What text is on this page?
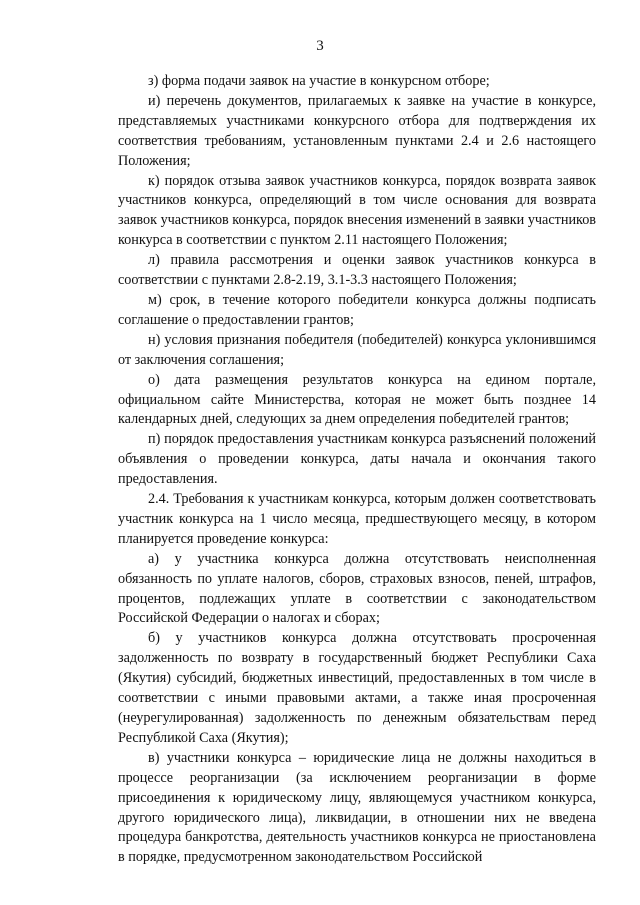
3

з) форма подачи заявок на участие в конкурсном отборе;

и) перечень документов, прилагаемых к заявке на участие в конкурсе, представляемых участниками конкурсного отбора для подтверждения их соответствия требованиям, установленным пунктами 2.4 и 2.6 настоящего Положения;

к) порядок отзыва заявок участников конкурса, порядок возврата заявок участников конкурса, определяющий в том числе основания для возврата заявок участников конкурса, порядок внесения изменений в заявки участников конкурса в соответствии с пунктом 2.11 настоящего Положения;

л) правила рассмотрения и оценки заявок участников конкурса в соответствии с пунктами 2.8-2.19, 3.1-3.3 настоящего Положения;

м) срок, в течение которого победители конкурса должны подписать соглашение о предоставлении грантов;

н) условия признания победителя (победителей) конкурса уклонившимся от заключения соглашения;

о) дата размещения результатов конкурса на едином портале, официальном сайте Министерства, которая не может быть позднее 14 календарных дней, следующих за днем определения победителей грантов;

п) порядок предоставления участникам конкурса разъяснений положений объявления о проведении конкурса, даты начала и окончания такого предоставления.

2.4. Требования к участникам конкурса, которым должен соответствовать участник конкурса на 1 число месяца, предшествующего месяцу, в котором планируется проведение конкурса:

а) у участника конкурса должна отсутствовать неисполненная обязанность по уплате налогов, сборов, страховых взносов, пеней, штрафов, процентов, подлежащих уплате в соответствии с законодательством Российской Федерации о налогах и сборах;

б) у участников конкурса должна отсутствовать просроченная задолженность по возврату в государственный бюджет Республики Саха (Якутия) субсидий, бюджетных инвестиций, предоставленных в том числе в соответствии с иными правовыми актами, а также иная просроченная (неурегулированная) задолженность по денежным обязательствам перед Республикой Саха (Якутия);

в) участники конкурса – юридические лица не должны находиться в процессе реорганизации (за исключением реорганизации в форме присоединения к юридическому лицу, являющемуся участником конкурса, другого юридического лица), ликвидации, в отношении них не введена процедура банкротства, деятельность участников конкурса не приостановлена в порядке, предусмотренном законодательством Российской
